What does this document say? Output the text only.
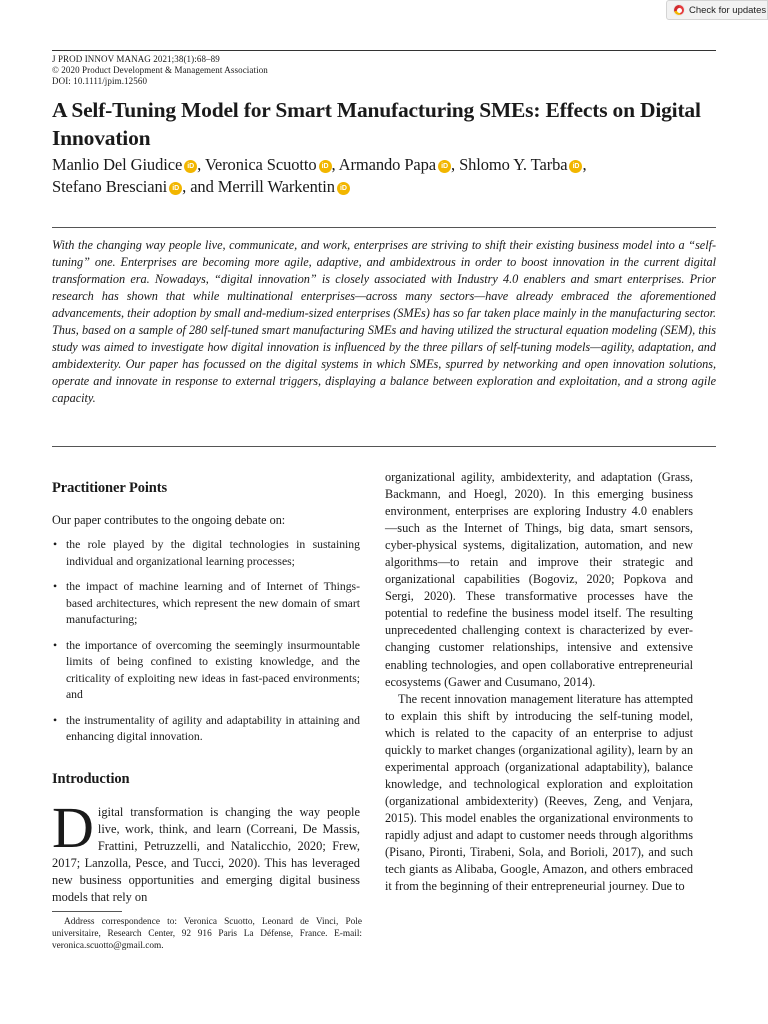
Check for updates
J PROD INNOV MANAG 2021;38(1):68–89
© 2020 Product Development & Management Association
DOI: 10.1111/jpim.12560
A Self-Tuning Model for Smart Manufacturing SMEs: Effects on Digital Innovation
Manlio Del Giudice iD , Veronica Scuotto iD , Armando Papa iD , Shlomo Y. Tarba iD ,
Stefano Bresciani iD , and Merrill Warkentin iD

With the changing way people live, communicate, and work, enterprises are striving to shift their existing business model into a “self-tuning” one. Enterprises are becoming more agile, adaptive, and ambidextrous in order to boost innovation in the current digital transformation era. Nowadays, “digital innovation” is closely associated with Industry 4.0 enablers and smart enterprises. Prior research has shown that while multinational enterprises—across many sectors—have already embraced the aforementioned advancements, their adoption by small and-medium-sized enterprises (SMEs) has so far taken place mainly in the manufacturing sector. Thus, based on a sample of 280 self-tuned smart manufacturing SMEs and having utilized the structural equation modeling (SEM), this study was aimed to investigate how digital innovation is influenced by the three pillars of self-tuning models—agility, adaptation, and ambidexterity. Our paper has focussed on the digital systems in which SMEs, spurred by networking and open innovation solutions, operate and innovate in response to external triggers, displaying a balance between exploration and exploitation, and a strong agile capacity.

Practitioner Points

Our paper contributes to the ongoing debate on:

• the role played by the digital technologies in sustaining individual and organizational learning processes;
• the impact of machine learning and of Internet of Things-based architectures, which represent the new domain of smart manufacturing;
• the importance of overcoming the seemingly insurmountable limits of being confined to existing knowledge, and the criticality of exploiting new ideas in fast-paced environments; and
• the instrumentality of agility and adaptability in attaining and enhancing digital innovation.
Introduction

Digital transformation is changing the way people live, work, think, and learn (Correani, De Massis, Frattini, Petruzzelli, and Natalicchio, 2020; Frew, 2017; Lanzolla, Pesce, and Tucci, 2020). This has leveraged new business opportunities and emerging digital business models that rely on

Address correspondence to: Veronica Scuotto, Leonard de Vinci, Pole universitaire, Research Center, 92 916 Paris La Défense, France. E-mail: veronica.scuotto@gmail.com.

organizational agility, ambidexterity, and adaptation (Grass, Backmann, and Hoegl, 2020). In this emerging business environment, enterprises are exploring Industry 4.0 enablers—such as the Internet of Things, big data, smart sensors, cyber-physical systems, digitalization, automation, and new algorithms—to retain and improve their strategic and organizational capabilities (Bogoviz, 2020; Popkova and Sergi, 2020). These transformative processes have the potential to redefine the business model itself. The resulting unprecedented challenging context is characterized by ever-changing customer relationships, intensive and extensive enabling technologies, and open collaborative entrepreneurial ecosystems (Gawer and Cusumano, 2014).

The recent innovation management literature has attempted to explain this shift by introducing the self-tuning model, which is related to the capacity of an enterprise to adjust quickly to market changes (organizational agility), learn by an experimental approach (organizational adaptability), balance knowledge, and technological exploration and exploitation (organizational ambidexterity) (Reeves, Zeng, and Venjara, 2015). This model enables the organizational environments to rapidly adjust and adapt to customer needs through algorithms (Pisano, Pironti, Tirabeni, Sola, and Borioli, 2017), and such tech giants as Alibaba, Google, Amazon, and others embraced it from the beginning of their entrepreneurial journey. Due to
